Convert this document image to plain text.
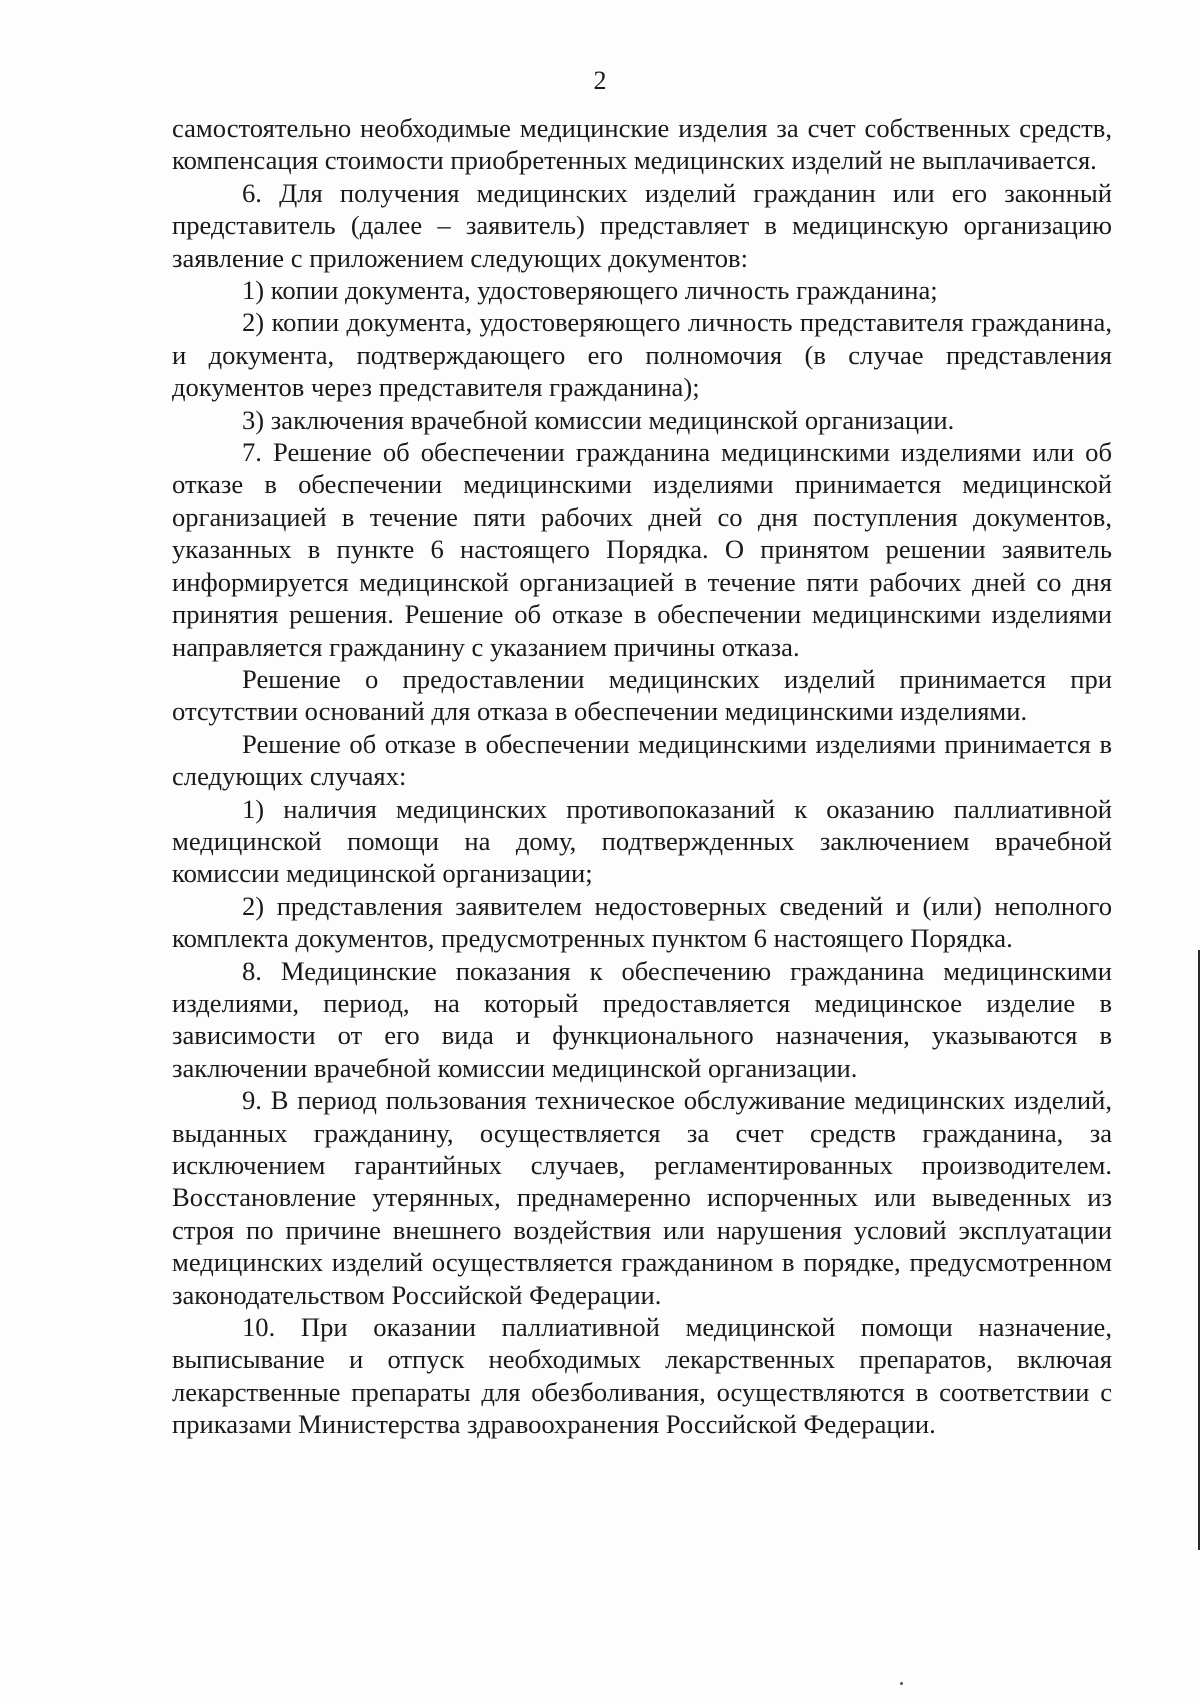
2

самостоятельно необходимые медицинские изделия за счет собственных средств, компенсация стоимости приобретенных медицинских изделий не выплачивается.

6. Для получения медицинских изделий гражданин или его законный представитель (далее – заявитель) представляет в медицинскую организацию заявление с приложением следующих документов:

1) копии документа, удостоверяющего личность гражданина;

2) копии документа, удостоверяющего личность представителя гражданина, и документа, подтверждающего его полномочия (в случае представления документов через представителя гражданина);

3) заключения врачебной комиссии медицинской организации.

7. Решение об обеспечении гражданина медицинскими изделиями или об отказе в обеспечении медицинскими изделиями принимается медицинской организацией в течение пяти рабочих дней со дня поступления документов, указанных в пункте 6 настоящего Порядка. О принятом решении заявитель информируется медицинской организацией в течение пяти рабочих дней со дня принятия решения. Решение об отказе в обеспечении медицинскими изделиями направляется гражданину с указанием причины отказа.

Решение о предоставлении медицинских изделий принимается при отсутствии оснований для отказа в обеспечении медицинскими изделиями.

Решение об отказе в обеспечении медицинскими изделиями принимается в следующих случаях:

1) наличия медицинских противопоказаний к оказанию паллиативной медицинской помощи на дому, подтвержденных заключением врачебной комиссии медицинской организации;

2) представления заявителем недостоверных сведений и (или) неполного комплекта документов, предусмотренных пунктом 6 настоящего Порядка.

8. Медицинские показания к обеспечению гражданина медицинскими изделиями, период, на который предоставляется медицинское изделие в зависимости от его вида и функционального назначения, указываются в заключении врачебной комиссии медицинской организации.

9. В период пользования техническое обслуживание медицинских изделий, выданных гражданину, осуществляется за счет средств гражданина, за исключением гарантийных случаев, регламентированных производителем. Восстановление утерянных, преднамеренно испорченных или выведенных из строя по причине внешнего воздействия или нарушения условий эксплуатации медицинских изделий осуществляется гражданином в порядке, предусмотренном законодательством Российской Федерации.

10. При оказании паллиативной медицинской помощи назначение, выписывание и отпуск необходимых лекарственных препаратов, включая лекарственные препараты для обезболивания, осуществляются в соответствии с приказами Министерства здравоохранения Российской Федерации.
